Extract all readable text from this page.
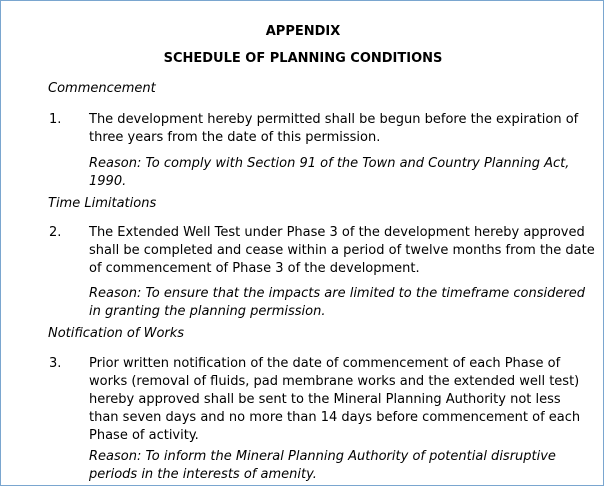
APPENDIX
SCHEDULE OF PLANNING CONDITIONS

Commencement

1. The development hereby permitted shall be begun before the expiration of
three years from the date of this permission.

Reason: To comply with Section 91 of the Town and Country Planning Act,
1990.

Time Limitations

2. The Extended Well Test under Phase 3 of the development hereby approved
shall be completed and cease within a period of twelve months from the date
of commencement of Phase 3 of the development.

Reason: To ensure that the impacts are limited to the timeframe considered
in granting the planning permission.

Notification of Works

3. Prior written notification of the date of commencement of each Phase of
works (removal of fluids, pad membrane works and the extended well test)
hereby approved shall be sent to the Mineral Planning Authority not less
than seven days and no more than 14 days before commencement of each
Phase of activity.

Reason: To inform the Mineral Planning Authority of potential disruptive
periods in the interests of amenity.
